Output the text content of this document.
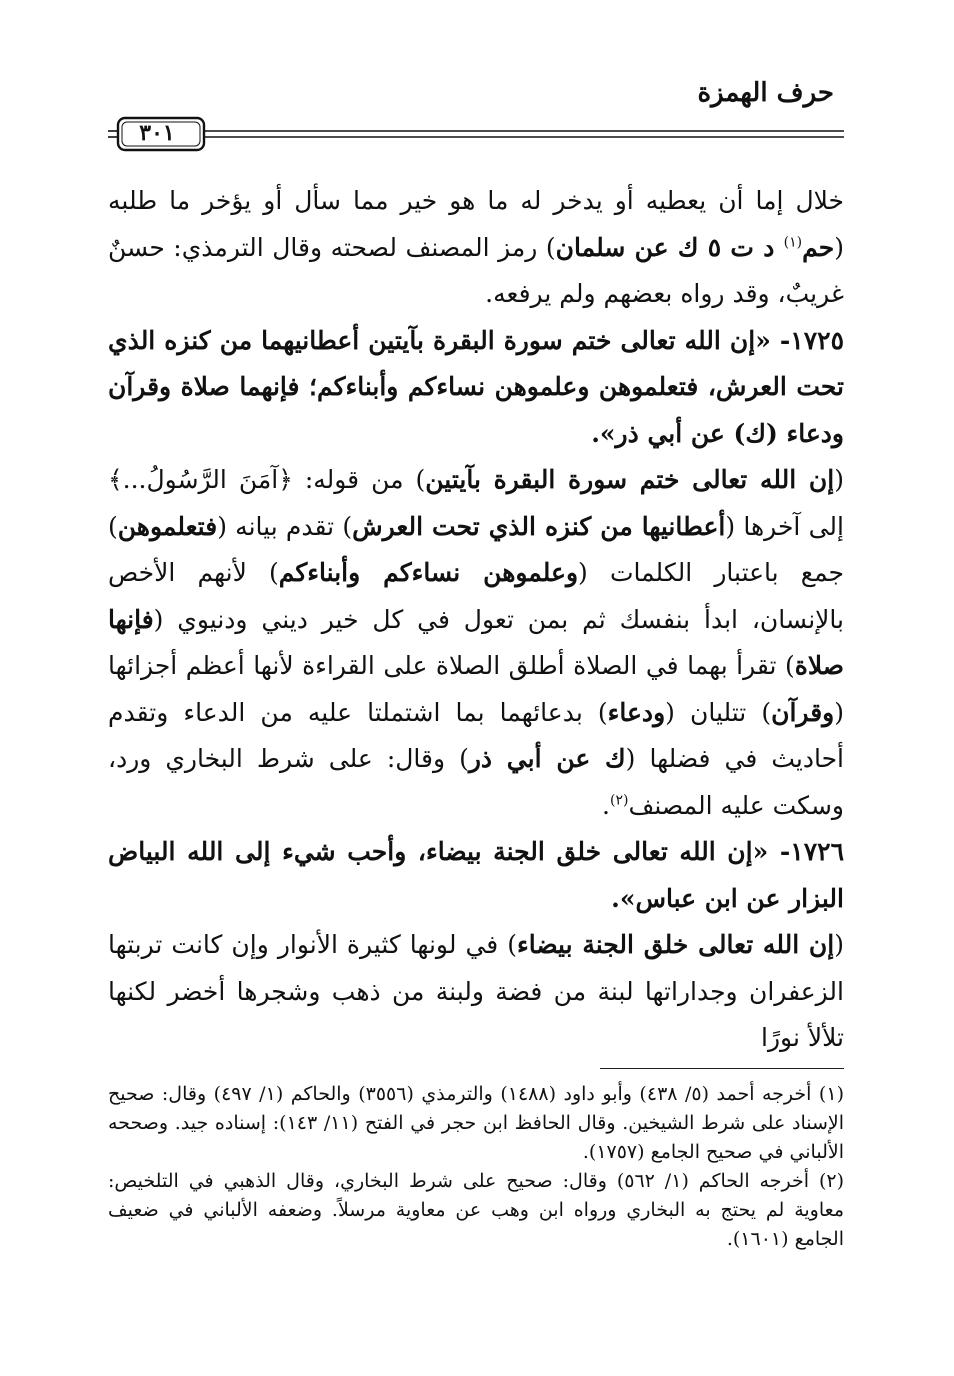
حرف الهمزة
٣٠١

خلال إما أن يعطيه أو يدخر له ما هو خير مما سأل أو يؤخر ما طلبه (حم$^{(١)}$ د ت ٥ ك عن سلمان) رمز المصنف لصحته وقال الترمذي: حسنٌ غريبٌ، وقد رواه بعضهم ولم يرفعه.

١٧٢٥- «إن الله تعالى ختم سورة البقرة بآيتين أعطانيهما من كنزه الذي تحت العرش، فتعلموهن وعلموهن نساءكم وأبناءكم؛ فإنهما صلاة وقرآن ودعاء (ك) عن أبي ذر».

(إن الله تعالى ختم سورة البقرة بآيتين) من قوله: ﴿آمَنَ الرَّسُولُ...﴾ إلى آخرها (أعطانيها من كنزه الذي تحت العرش) تقدم بيانه (فتعلموهن) جمع باعتبار الكلمات (وعلموهن نساءكم وأبناءكم) لأنهم الأخص بالإنسان، ابدأ بنفسك ثم بمن تعول في كل خير ديني ودنيوي (فإنها صلاة) تقرأ بهما في الصلاة أطلق الصلاة على القراءة لأنها أعظم أجزائها (وقرآن) تتليان (ودعاء) بدعائهما بما اشتملتا عليه من الدعاء وتقدم أحاديث في فضلها (ك عن أبي ذر) وقال: على شرط البخاري ورد، وسكت عليه المصنف$^{(٢)}$.

١٧٢٦- «إن الله تعالى خلق الجنة بيضاء، وأحب شيء إلى الله البياض البزار عن ابن عباس».

(إن الله تعالى خلق الجنة بيضاء) في لونها كثيرة الأنوار وإن كانت تربتها الزعفران وجداراتها لبنة من فضة ولبنة من ذهب وشجرها أخضر لكنها تلألأ نورًا

(١) أخرجه أحمد (٥/ ٤٣٨) وأبو داود (١٤٨٨) والترمذي (٣٥٥٦) والحاكم (١/ ٤٩٧) وقال: صحيح الإسناد على شرط الشيخين. وقال الحافظ ابن حجر في الفتح (١١/ ١٤٣): إسناده جيد. وصححه الألباني في صحيح الجامع (١٧٥٧).

(٢) أخرجه الحاكم (١/ ٥٦٢) وقال: صحيح على شرط البخاري، وقال الذهبي في التلخيص: معاوية لم يحتج به البخاري ورواه ابن وهب عن معاوية مرسلاً. وضعفه الألباني في ضعيف الجامع (١٦٠١).
